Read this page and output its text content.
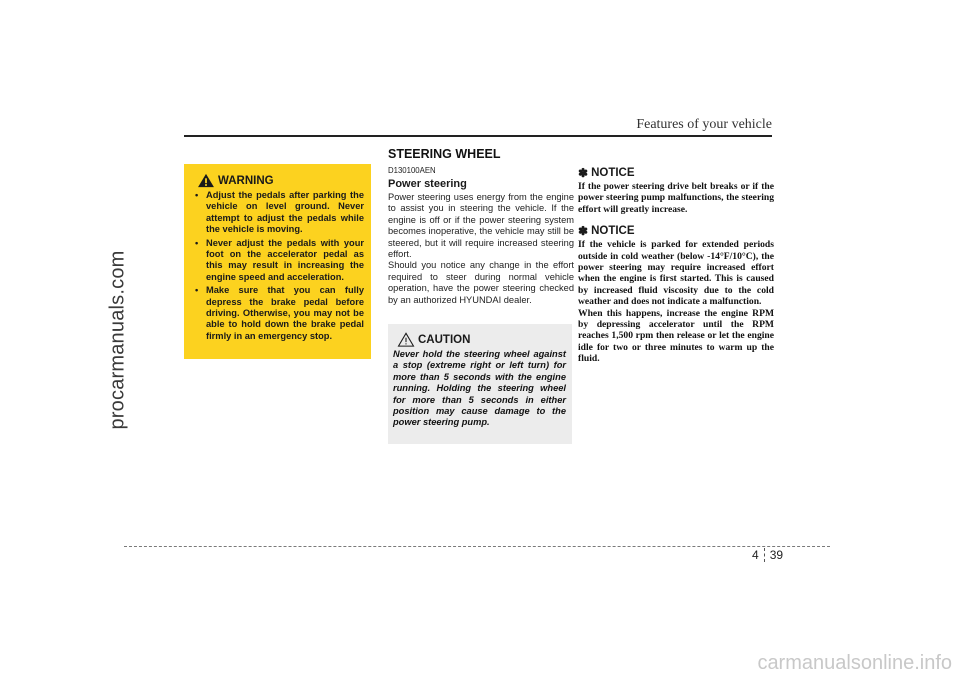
procarmanuals.com
carmanualsonline.info
Features of your vehicle
STEERING WHEEL
WARNING
• Adjust the pedals after parking the vehicle on level ground. Never attempt to adjust the pedals while the vehicle is moving.
• Never adjust the pedals with your foot on the accelerator pedal as this may result in increasing the engine speed and acceleration.
• Make sure that you can fully depress the brake pedal before driving. Otherwise, you may not be able to hold down the brake pedal firmly in an emergency stop.
D130100AEN
Power steering

Power steering uses energy from the engine to assist you in steering the vehicle. If the engine is off or if the power steering system becomes inoperative, the vehicle may still be steered, but it will require increased steering effort.

Should you notice any change in the effort required to steer during normal vehicle operation, have the power steering checked by an authorized HYUNDAI dealer.

CAUTION

Never hold the steering wheel against a stop (extreme right or left turn) for more than 5 seconds with the engine running. Holding the steering wheel for more than 5 seconds in either position may cause damage to the power steering pump.

✽ NOTICE

If the power steering drive belt breaks or if the power steering pump malfunctions, the steering effort will greatly increase.

✽ NOTICE

If the vehicle is parked for extended periods outside in cold weather (below -14°F/10°C), the power steering may require increased effort when the engine is first started. This is caused by increased fluid viscosity due to the cold weather and does not indicate a malfunction.
When this happens, increase the engine RPM by depressing accelerator until the RPM reaches 1,500 rpm then release or let the engine idle for two or three minutes to warm up the fluid.

4 39
